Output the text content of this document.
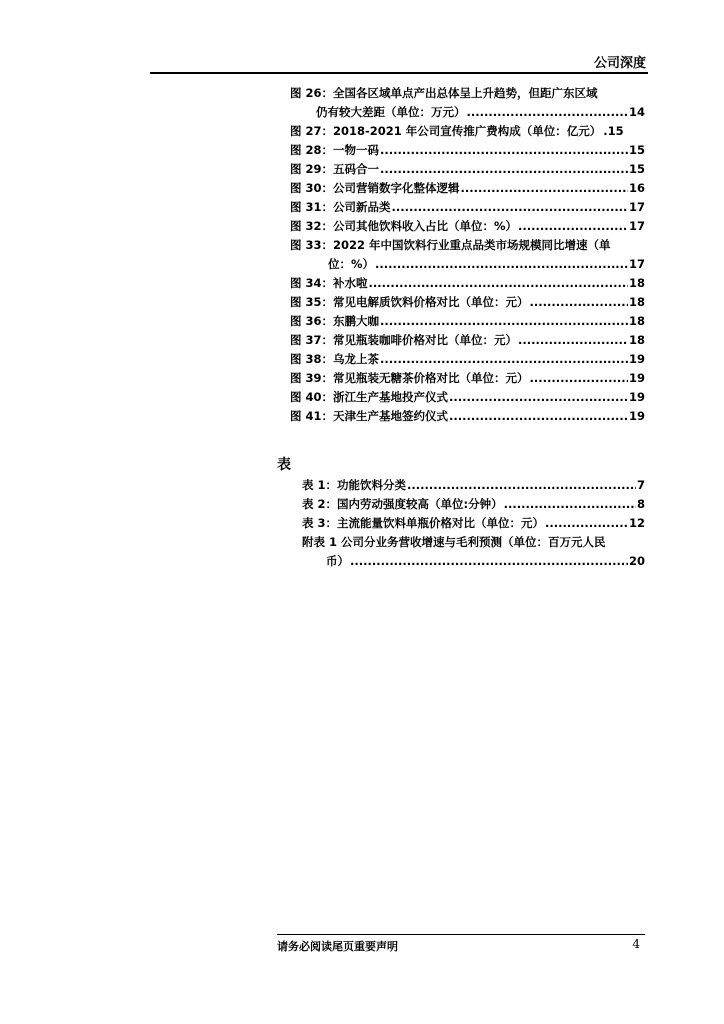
公司深度
图 26：全国各区域单点产出总体呈上升趋势，但距广东区域
仍有较大差距（单位：万元） .....	14
图 27：2018-2021 年公司宣传推广费构成（单位：亿元） .15
图 28：一物一码 .....	15
图 29：五码合一 .....	15
图 30：公司营销数字化整体逻辑 .....	16
图 31：公司新品类 .....	17
图 32：公司其他饮料收入占比（单位：%） .....	17
图 33：2022 年中国饮料行业重点品类市场规模同比增速（单
位：%） .....	17
图 34：补水啦 .....	18
图 35：常见电解质饮料价格对比（单位：元） .....	18
图 36：东鹏大咖 .....	18
图 37：常见瓶装咖啡价格对比（单位：元） .....	18
图 38：乌龙上茶 .....	19
图 39：常见瓶装无糖茶价格对比（单位：元） .....	19
图 40：浙江生产基地投产仪式 .....	19
图 41：天津生产基地签约仪式 .....	19
表
表 1：功能饮料分类 .....	7
表 2：国内劳动强度较高（单位:分钟） .....	8
表 3：主流能量饮料单瓶价格对比（单位：元） .....	12
附表 1 公司分业务营收增速与毛利预测（单位：百万元人民
币） .....	20
请务必阅读尾页重要声明	4
